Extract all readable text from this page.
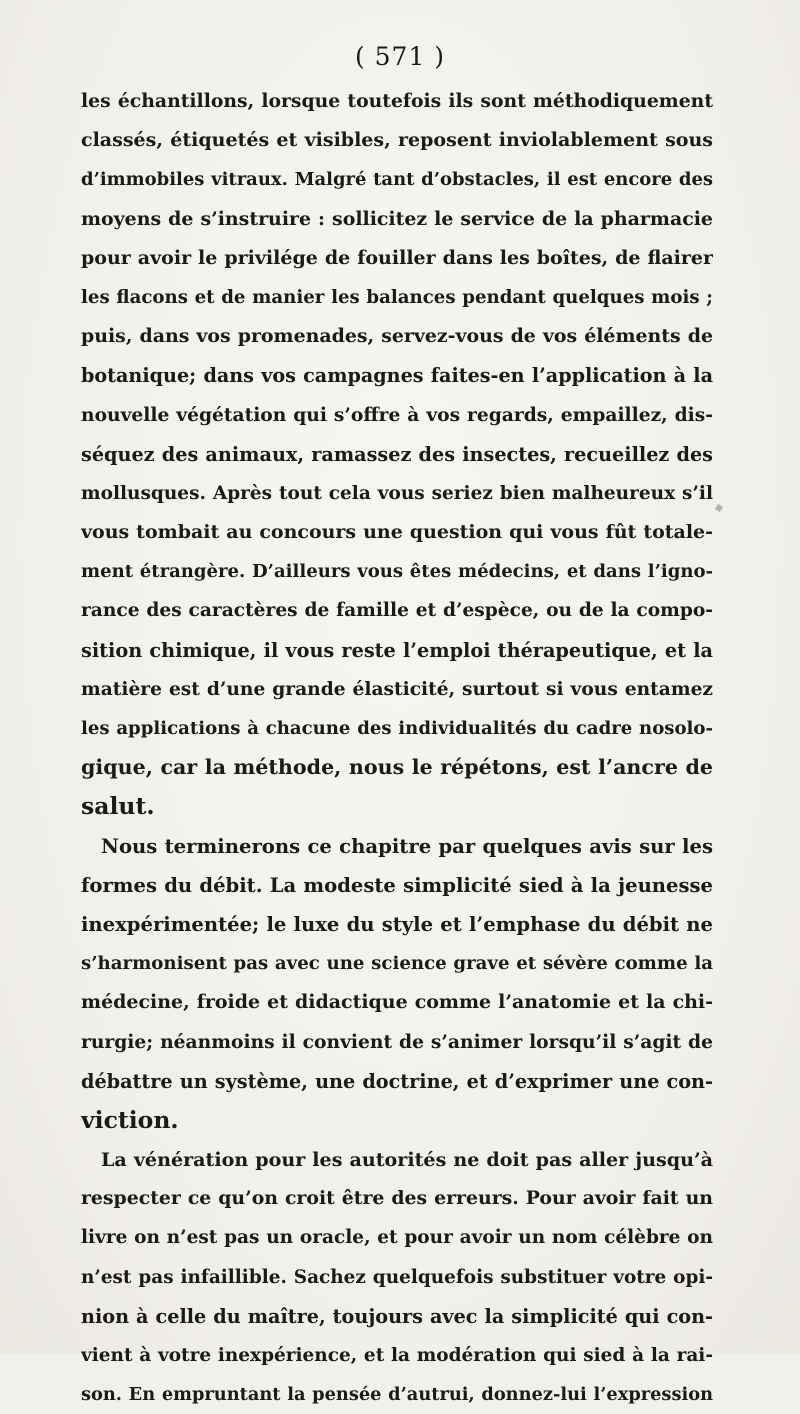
( 571 )
les échantillons, lorsque toutefois ils sont méthodiquement
classés, étiquetés et visibles, reposent inviolablement sous
d’immobiles vitraux. Malgré tant d’obstacles, il est encore des
moyens de s’instruire : sollicitez le service de la pharmacie
pour avoir le privilége de fouiller dans les boîtes, de flairer
les flacons et de manier les balances pendant quelques mois ;
puis, dans vos promenades, servez-vous de vos éléments de
botanique; dans vos campagnes faites-en l’application à la
nouvelle végétation qui s’offre à vos regards, empaillez, dis-
séquez des animaux, ramassez des insectes, recueillez des
mollusques. Après tout cela vous seriez bien malheureux s’il
vous tombait au concours une question qui vous fût totale-
ment étrangère. D’ailleurs vous êtes médecins, et dans l’igno-
rance des caractères de famille et d’espèce, ou de la compo-
sition chimique, il vous reste l’emploi thérapeutique, et la
matière est d’une grande élasticité, surtout si vous entamez
les applications à chacune des individualités du cadre nosolo-
gique, car la méthode, nous le répétons, est l’ancre de
salut.
Nous terminerons ce chapitre par quelques avis sur les
formes du débit. La modeste simplicité sied à la jeunesse
inexpérimentée; le luxe du style et l’emphase du débit ne
s’harmonisent pas avec une science grave et sévère comme la
médecine, froide et didactique comme l’anatomie et la chi-
rurgie; néanmoins il convient de s’animer lorsqu’il s’agit de
débattre un système, une doctrine, et d’exprimer une con-
viction.
La vénération pour les autorités ne doit pas aller jusqu’à
respecter ce qu’on croit être des erreurs. Pour avoir fait un
livre on n’est pas un oracle, et pour avoir un nom célèbre on
n’est pas infaillible. Sachez quelquefois substituer votre opi-
nion à celle du maître, toujours avec la simplicité qui con-
vient à votre inexpérience, et la modération qui sied à la rai-
son. En empruntant la pensée d’autrui, donnez-lui l’expression
